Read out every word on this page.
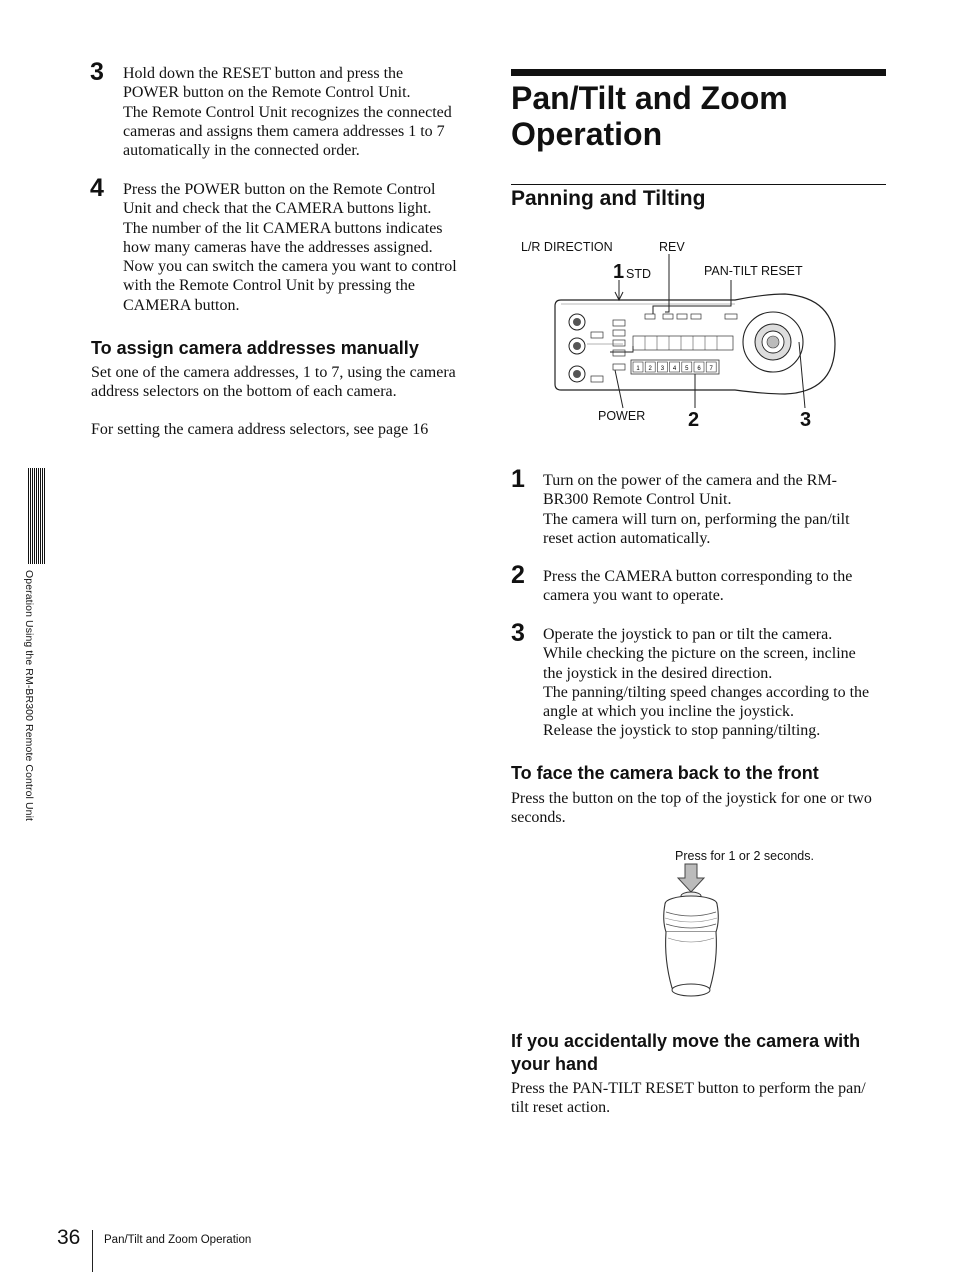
3 Hold down the RESET button and press the

POWER button on the Remote Control Unit.

The Remote Control Unit recognizes the connected

cameras and assigns them camera addresses 1 to 7

automatically in the connected order.

4 Press the POWER button on the Remote Control

Unit and check that the CAMERA buttons light.

The number of the lit CAMERA buttons indicates

how many cameras have the addresses assigned.

Now you can switch the camera you want to control

with the Remote Control Unit by pressing the

CAMERA button.

To assign camera addresses manually

Set one of the camera addresses, 1 to 7, using the camera

address selectors on the bottom of each camera.

For setting the camera address selectors, see page 16
Pan/Tilt and Zoom
Operation
Panning and Tilting
L/R DIRECTION	REV
1 STD	PAN-TILT RESET
POWER 2	3
1 2 3 4 5 6 7
1 Turn on the power of the camera and the RM-

BR300 Remote Control Unit.

The camera will turn on, performing the pan/tilt

reset action automatically.

2 Press the CAMERA button corresponding to the

camera you want to operate.

3 Operate the joystick to pan or tilt the camera.

While checking the picture on the screen, incline

the joystick in the desired direction.

The panning/tilting speed changes according to the

angle at which you incline the joystick.

Release the joystick to stop panning/tilting.

To face the camera back to the front

Press the button on the top of the joystick for one or two

seconds.

Press for 1 or 2 seconds.
If you accidentally move the camera with
your hand

Press the PAN-TILT RESET button to perform the pan/

tilt reset action.

Operation Using the RM-BR300 Remote Control Unit
36 Pan/Tilt and Zoom Operation
